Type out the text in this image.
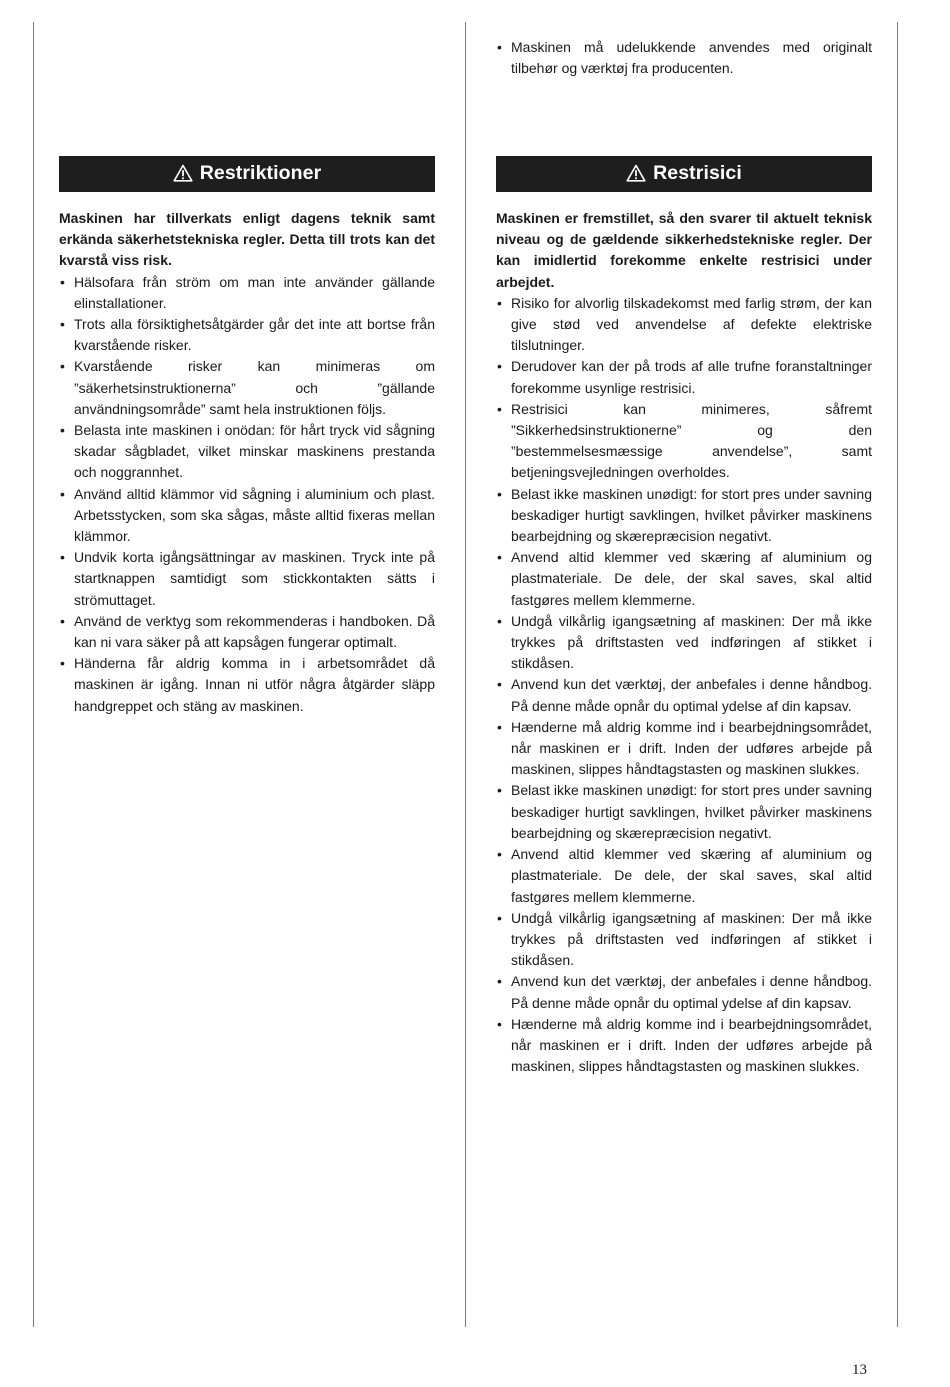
• Maskinen må udelukkende anvendes med originalt tilbehør og værktøj fra producenten.
Restriktioner

Maskinen har tillverkats enligt dagens teknik samt erkända säkerhetstekniska regler. Detta till trots kan det kvarstå viss risk.

• Hälsofara från ström om man inte använder gällande elinstallationer.
• Trots alla försiktighetsåtgärder går det inte att bortse från kvarstående risker.
• Kvarstående risker kan minimeras om ”säkerhetsinstruktionerna” och ”gällande användningsområde” samt hela instruktionen följs.
• Belasta inte maskinen i onödan: för hårt tryck vid sågning skadar sågbladet, vilket minskar maskinens prestanda och noggrannhet.
• Använd alltid klämmor vid sågning i aluminium och plast. Arbetsstycken, som ska sågas, måste alltid fixeras mellan klämmor.
• Undvik korta igångsättningar av maskinen. Tryck inte på startknappen samtidigt som stickkontakten sätts i strömuttaget.
• Använd de verktyg som rekommenderas i handboken. Då kan ni vara säker på att kapsågen fungerar optimalt.
• Händerna får aldrig komma in i arbetsområdet då maskinen är igång. Innan ni utför några åtgärder släpp handgreppet och stäng av maskinen.
Restrisici

Maskinen er fremstillet, så den svarer til aktuelt teknisk niveau og de gældende sikkerhedstekniske regler. Der kan imidlertid forekomme enkelte restrisici under arbejdet.

• Risiko for alvorlig tilskadekomst med farlig strøm, der kan give stød ved anvendelse af defekte elektriske tilslutninger.
• Derudover kan der på trods af alle trufne foranstaltninger forekomme usynlige restrisici.
• Restrisici kan minimeres, såfremt ”Sikkerhedsinstruktionerne” og den ”bestemmelsesmæssige anvendelse”, samt betjeningsvejledningen overholdes.
• Belast ikke maskinen unødigt: for stort pres under savning beskadiger hurtigt savklingen, hvilket påvirker maskinens bearbejdning og skærepræcision negativt.
• Anvend altid klemmer ved skæring af aluminium og plastmateriale. De dele, der skal saves, skal altid fastgøres mellem klemmerne.
• Undgå vilkårlig igangsætning af maskinen: Der må ikke trykkes på driftstasten ved indføringen af stikket i stikdåsen.
• Anvend kun det værktøj, der anbefales i denne håndbog. På denne måde opnår du optimal ydelse af din kapsav.
• Hænderne må aldrig komme ind i bearbejdningsområdet, når maskinen er i drift. Inden der udføres arbejde på maskinen, slippes håndtagstasten og maskinen slukkes.
• Belast ikke maskinen unødigt: for stort pres under savning beskadiger hurtigt savklingen, hvilket påvirker maskinens bearbejdning og skærepræcision negativt.
• Anvend altid klemmer ved skæring af aluminium og plastmateriale. De dele, der skal saves, skal altid fastgøres mellem klemmerne.
• Undgå vilkårlig igangsætning af maskinen: Der må ikke trykkes på driftstasten ved indføringen af stikket i stikdåsen.
• Anvend kun det værktøj, der anbefales i denne håndbog. På denne måde opnår du optimal ydelse af din kapsav.
• Hænderne må aldrig komme ind i bearbejdningsområdet, når maskinen er i drift. Inden der udføres arbejde på maskinen, slippes håndtagstasten og maskinen slukkes.
13
